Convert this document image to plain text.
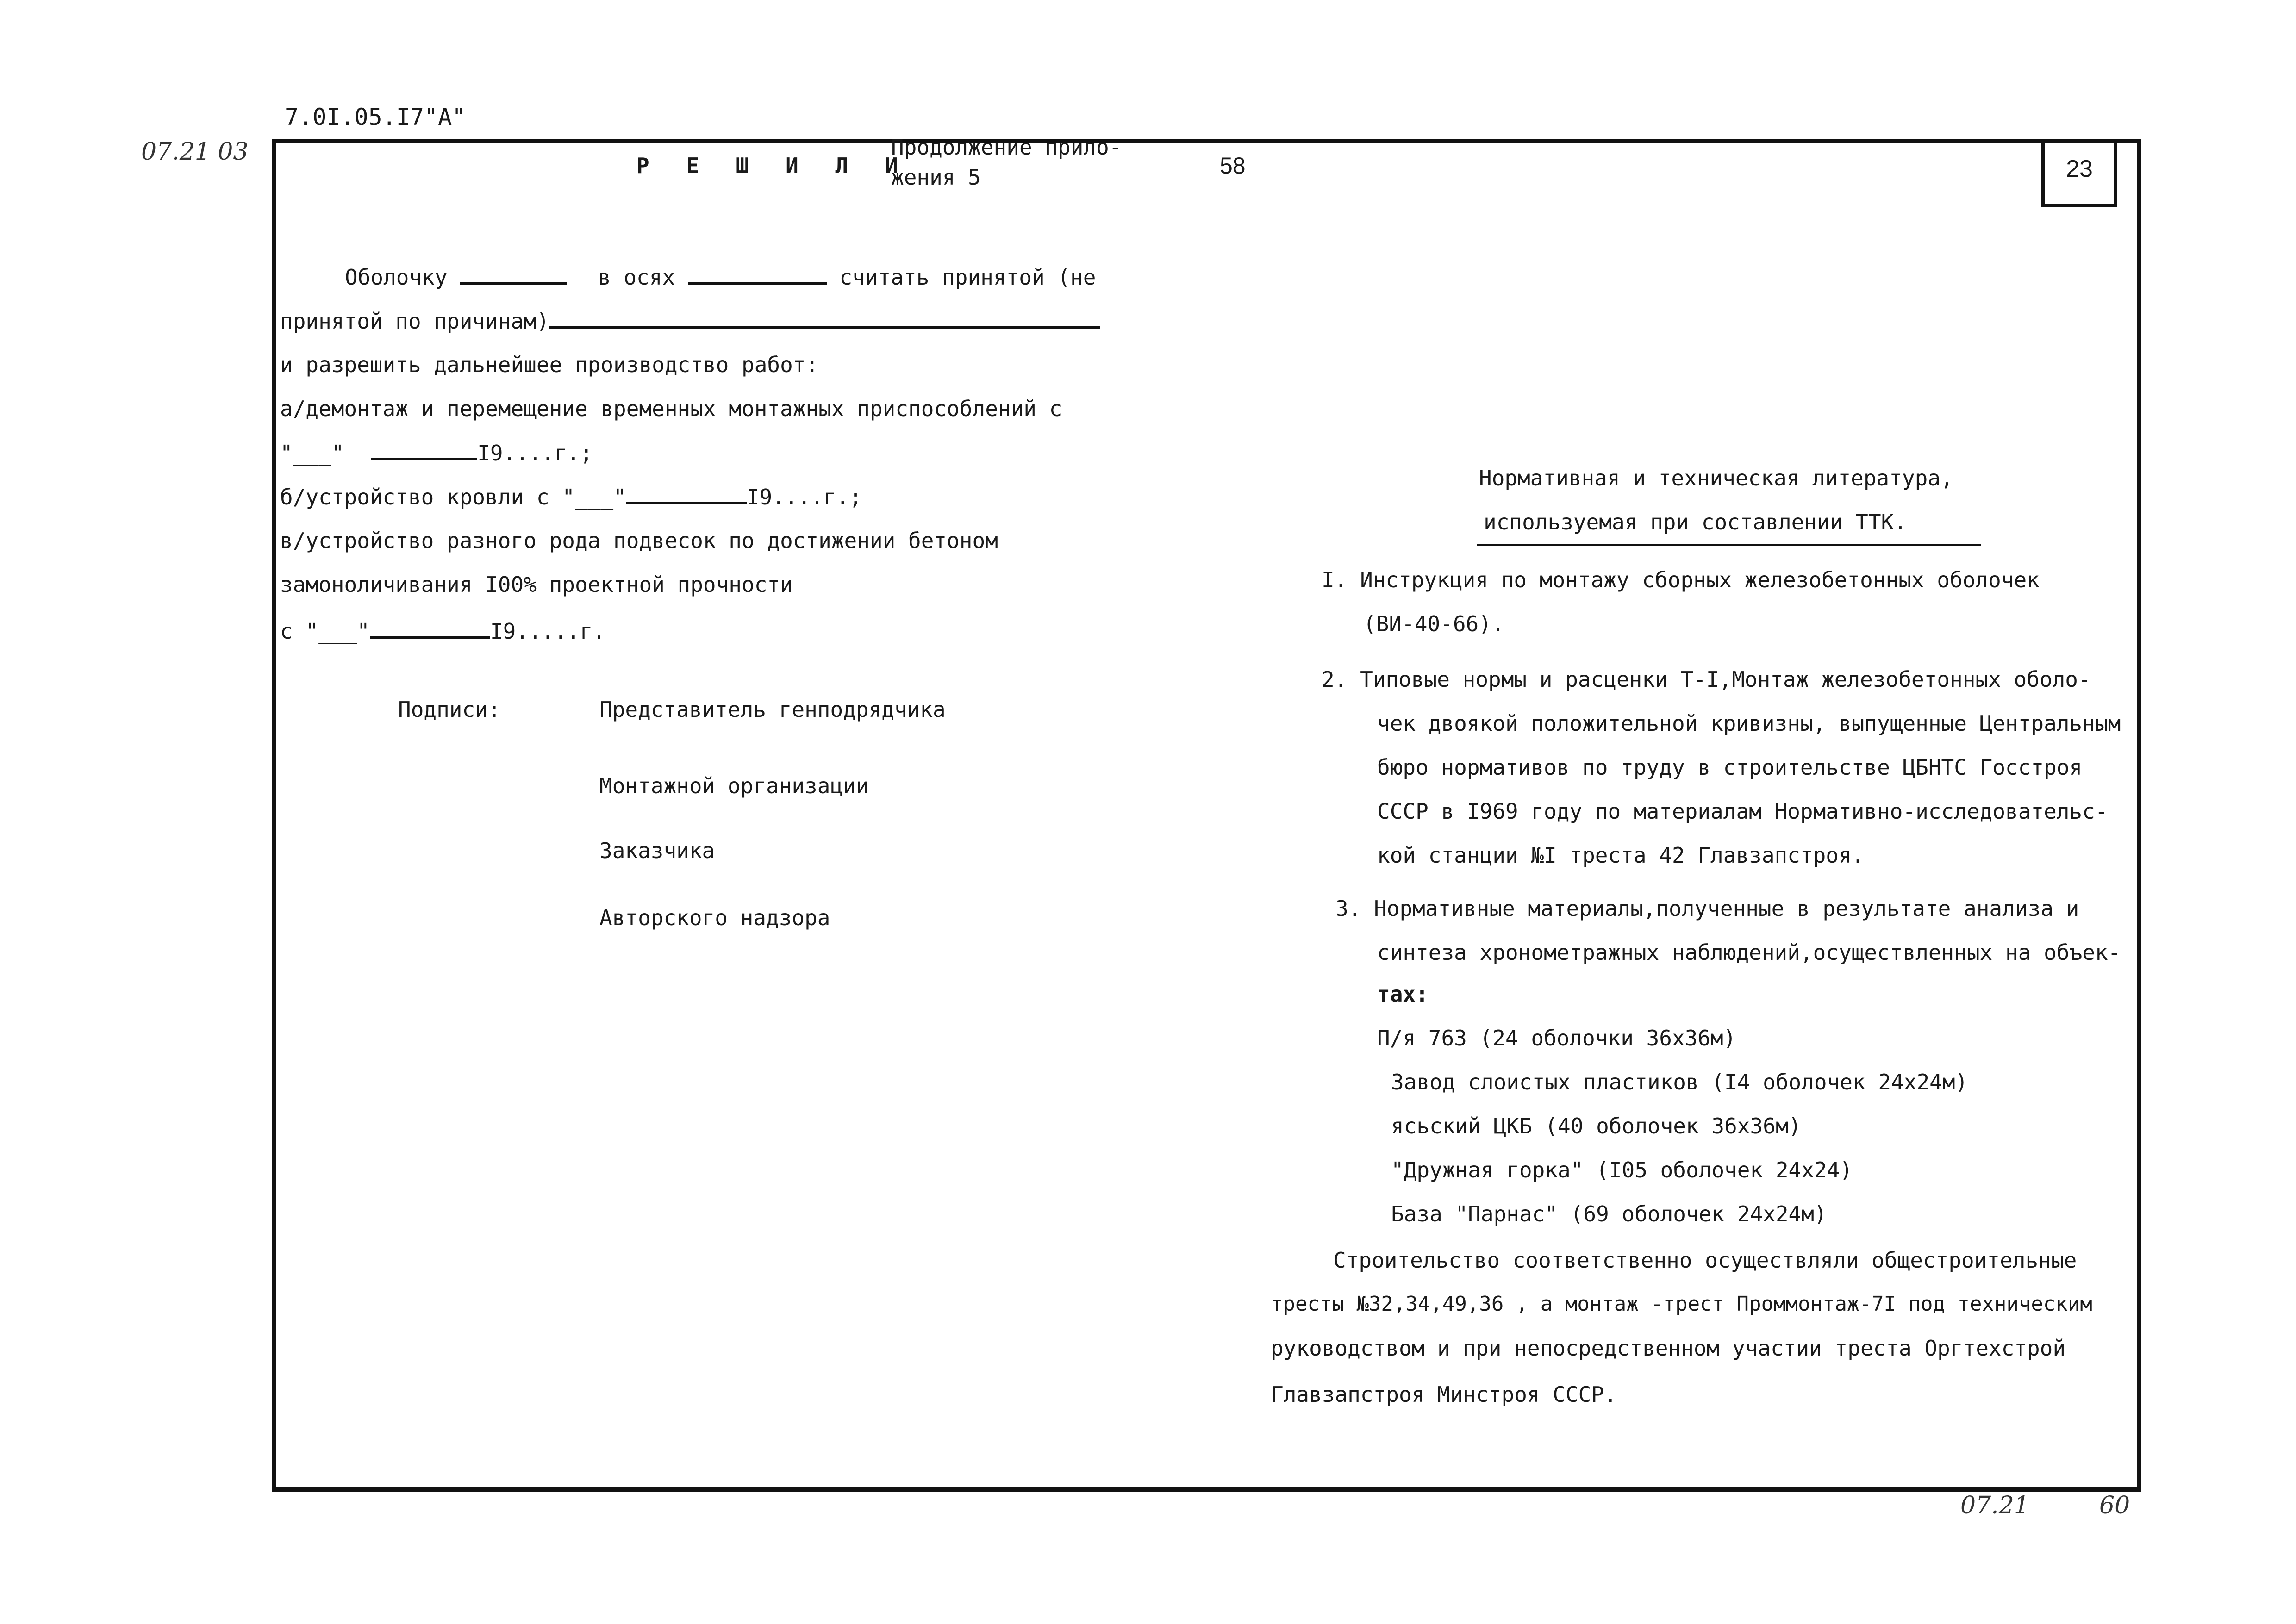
23
7.0I.05.I7"A"
07.21 03	Р Е Ш И Л И
Продолжение прило-
жения 5	58
Оболочку	в осях	считать принятой (не
принятой по причинам)
и разрешить дальнейшее производство работ:
а/демонтаж и перемещение временных монтажных приспособлений с
"___"	I9....г.;
б/устройство кровли с "___"	I9....г.;
в/устройство разного рода подвесок по достижении бетоном
замоноличивания I00% проектной прочности
с "___"	I9.....г.
Подписи:	Представитель генподрядчика
Монтажной организации
Заказчика
Авторского надзора
Нормативная и техническая литература,
используемая при составлении ТТК.
I. Инструкция по монтажу сборных железобетонных оболочек
(ВИ-40-66).
2. Типовые нормы и расценки Т-I,Монтаж железобетонных оболо-
чек двоякой положительной кривизны, выпущенные Центральным
бюро нормативов по труду в строительстве ЦБНТС Госстроя
СССР в I969 году по материалам Нормативно-исследовательс-
кой станции №I треста 42 Главзапстроя.
3. Нормативные материалы,полученные в результате анализа и
синтеза хронометражных наблюдений,осуществленных на объек-
тах:
П/я 763 (24 оболочки 36х36м)
Завод слоистых пластиков (I4 оболочек 24х24м)
ясьский ЦКБ (40 оболочек 36х36м)
"Дружная горка" (I05 оболочек 24х24)
База "Парнас" (69 оболочек 24х24м)
Строительство соответственно осуществляли общестроительные
тресты №32,34,49,36 , а монтаж -трест Проммонтаж-7I под техническим
руководством и при непосредственном участии треста Оргтехстрой
Главзапстроя Минстроя СССР.
07.21	60
